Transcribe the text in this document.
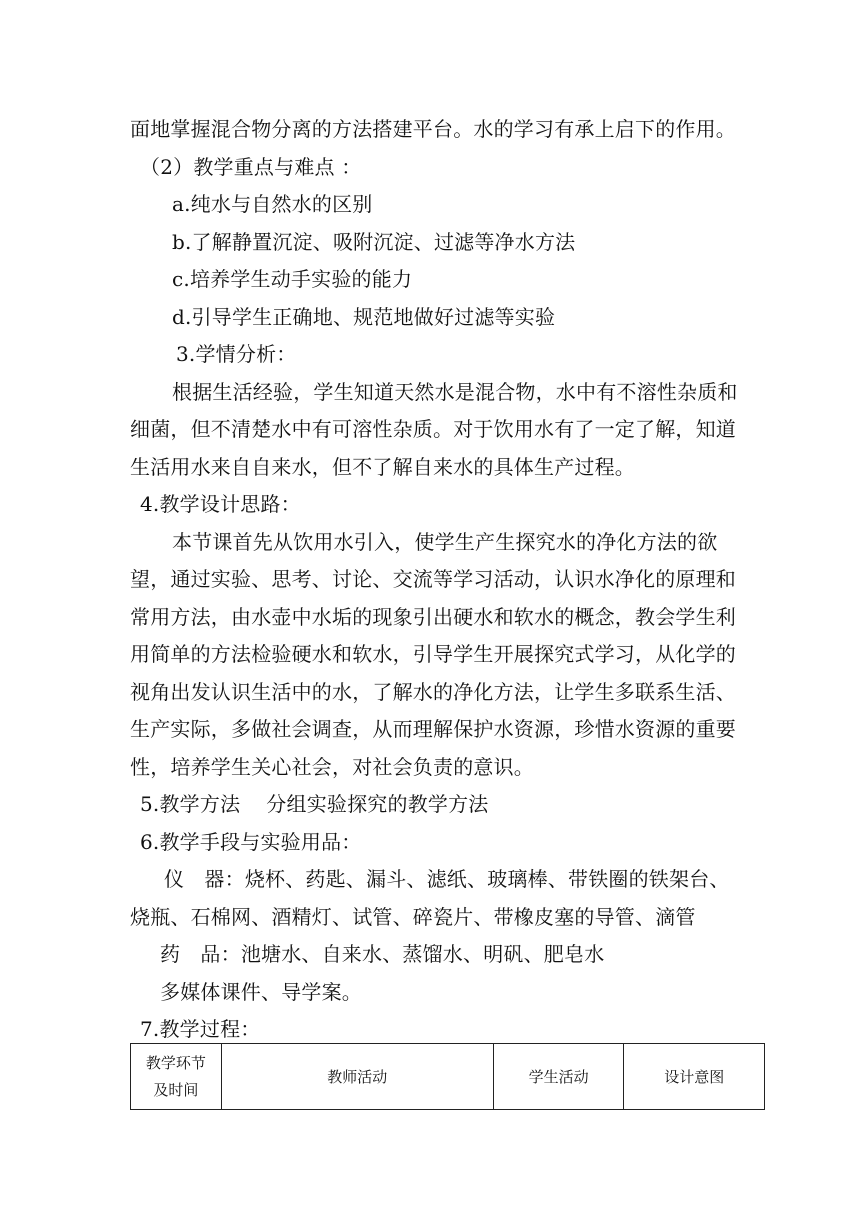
面地掌握混合物分离的方法搭建平台。水的学习有承上启下的作用。
（2）教学重点与难点 ：
a.纯水与自然水的区别
b.了解静置沉淀、吸附沉淀、过滤等净水方法
c.培养学生动手实验的能力
d.引导学生正确地、规范地做好过滤等实验
3.学情分析：
根据生活经验，学生知道天然水是混合物，水中有不溶性杂质和
细菌，但不清楚水中有可溶性杂质。对于饮用水有了一定了解，知道
生活用水来自自来水，但不了解自来水的具体生产过程。
4.教学设计思路：
本节课首先从饮用水引入，使学生产生探究水的净化方法的欲
望，通过实验、思考、讨论、交流等学习活动，认识水净化的原理和
常用方法，由水壶中水垢的现象引出硬水和软水的概念，教会学生利
用简单的方法检验硬水和软水，引导学生开展探究式学习，从化学的
视角出发认识生活中的水，了解水的净化方法，让学生多联系生活、
生产实际，多做社会调查，从而理解保护水资源，珍惜水资源的重要
性，培养学生关心社会，对社会负责的意识。
5.教学方法 分组实验探究的教学方法
6.教学手段与实验用品：
仪　器：烧杯、药匙、漏斗、滤纸、玻璃棒、带铁圈的铁架台、
烧瓶、石棉网、酒精灯、试管、碎瓷片、带橡皮塞的导管、滴管
药　品：池塘水、自来水、蒸馏水、明矾、肥皂水
多媒体课件、导学案。
7.教学过程：
教学环节
及时间
	教师活动	学生活动	设计意图
